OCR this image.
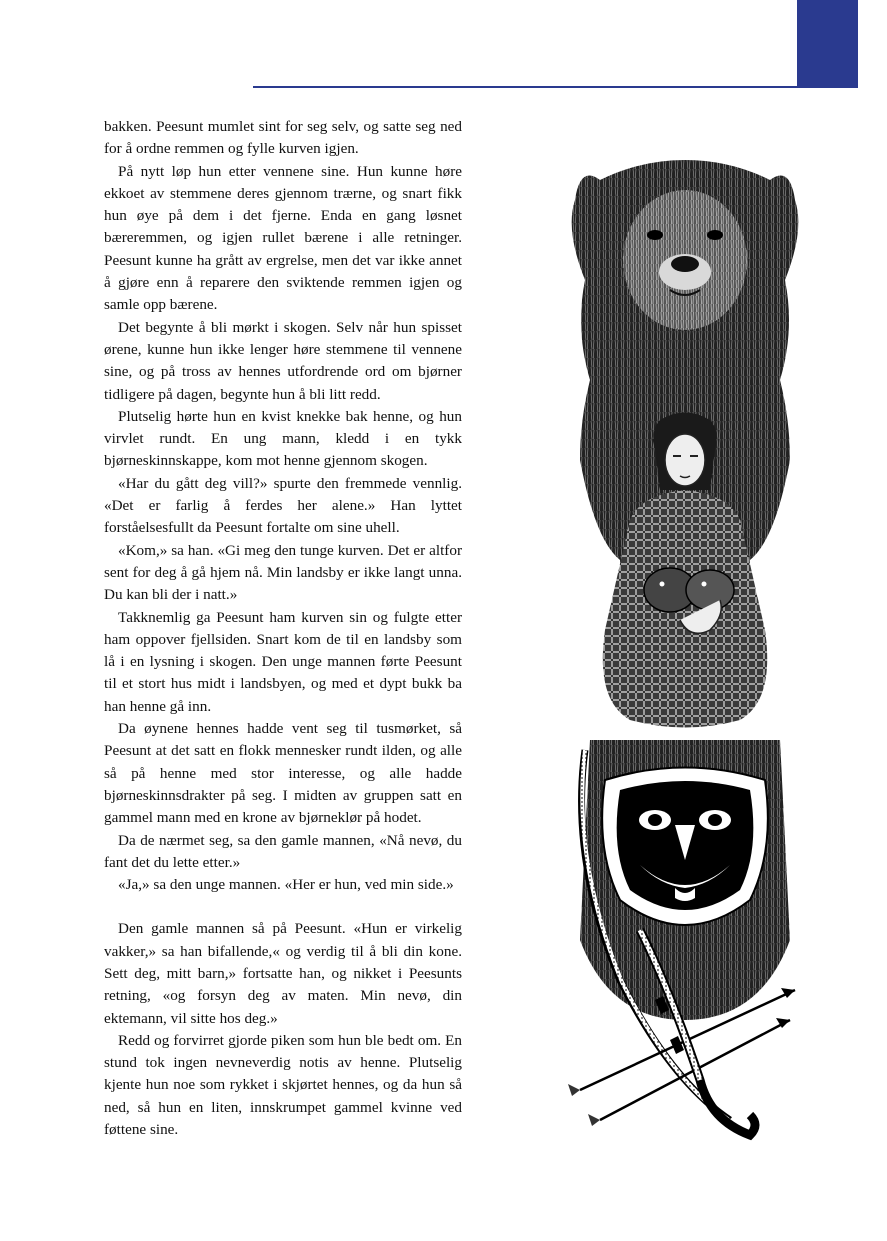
bakken. Peesunt mumlet sint for seg selv, og satte seg ned for å ordne remmen og fylle kurven igjen.

På nytt løp hun etter vennene sine. Hun kunne høre ekkoet av stemmene deres gjennom trærne, og snart fikk hun øye på dem i det fjerne. Enda en gang løsnet bæreremmen, og igjen rullet bærene i alle retninger. Peesunt kunne ha grått av ergrelse, men det var ikke annet å gjøre enn å reparere den sviktende remmen igjen og samle opp bærene.

Det begynte å bli mørkt i skogen. Selv når hun spisset ørene, kunne hun ikke lenger høre stemmene til vennene sine, og på tross av hennes utfordrende ord om bjørner tidligere på dagen, begynte hun å bli litt redd.

Plutselig hørte hun en kvist knekke bak henne, og hun virvlet rundt. En ung mann, kledd i en tykk bjørneskinnskappe, kom mot henne gjennom skogen.

«Har du gått deg vill?» spurte den fremmede vennlig. «Det er farlig å ferdes her alene.» Han lyttet forståelsesfullt da Peesunt fortalte om sine uhell.

«Kom,» sa han. «Gi meg den tunge kurven. Det er altfor sent for deg å gå hjem nå. Min landsby er ikke langt unna. Du kan bli der i natt.»

Takknemlig ga Peesunt ham kurven sin og fulgte etter ham oppover fjellsiden. Snart kom de til en landsby som lå i en lysning i skogen. Den unge mannen førte Peesunt til et stort hus midt i landsbyen, og med et dypt bukk ba han henne gå inn.

Da øynene hennes hadde vent seg til tusmørket, så Peesunt at det satt en flokk mennesker rundt ilden, og alle så på henne med stor interesse, og alle hadde bjørneskinnsdrakter på seg. I midten av gruppen satt en gammel mann med en krone av bjørneklør på hodet.

Da de nærmet seg, sa den gamle mannen, «Nå nevø, du fant det du lette etter.»

«Ja,» sa den unge mannen. «Her er hun, ved min side.»

Den gamle mannen så på Peesunt. «Hun er virkelig vakker,» sa han bifallende,« og verdig til å bli din kone. Sett deg, mitt barn,» fortsatte han, og nikket i Peesunts retning, «og forsyn deg av maten. Min nevø, din ektemann, vil sitte hos deg.»

Redd og forvirret gjorde piken som hun ble bedt om. En stund tok ingen nevneverdig notis av henne. Plutselig kjente hun noe som rykket i skjørtet hennes, og da hun så ned, så hun en liten, innskrumpet gammel kvinne ved føttene sine.
